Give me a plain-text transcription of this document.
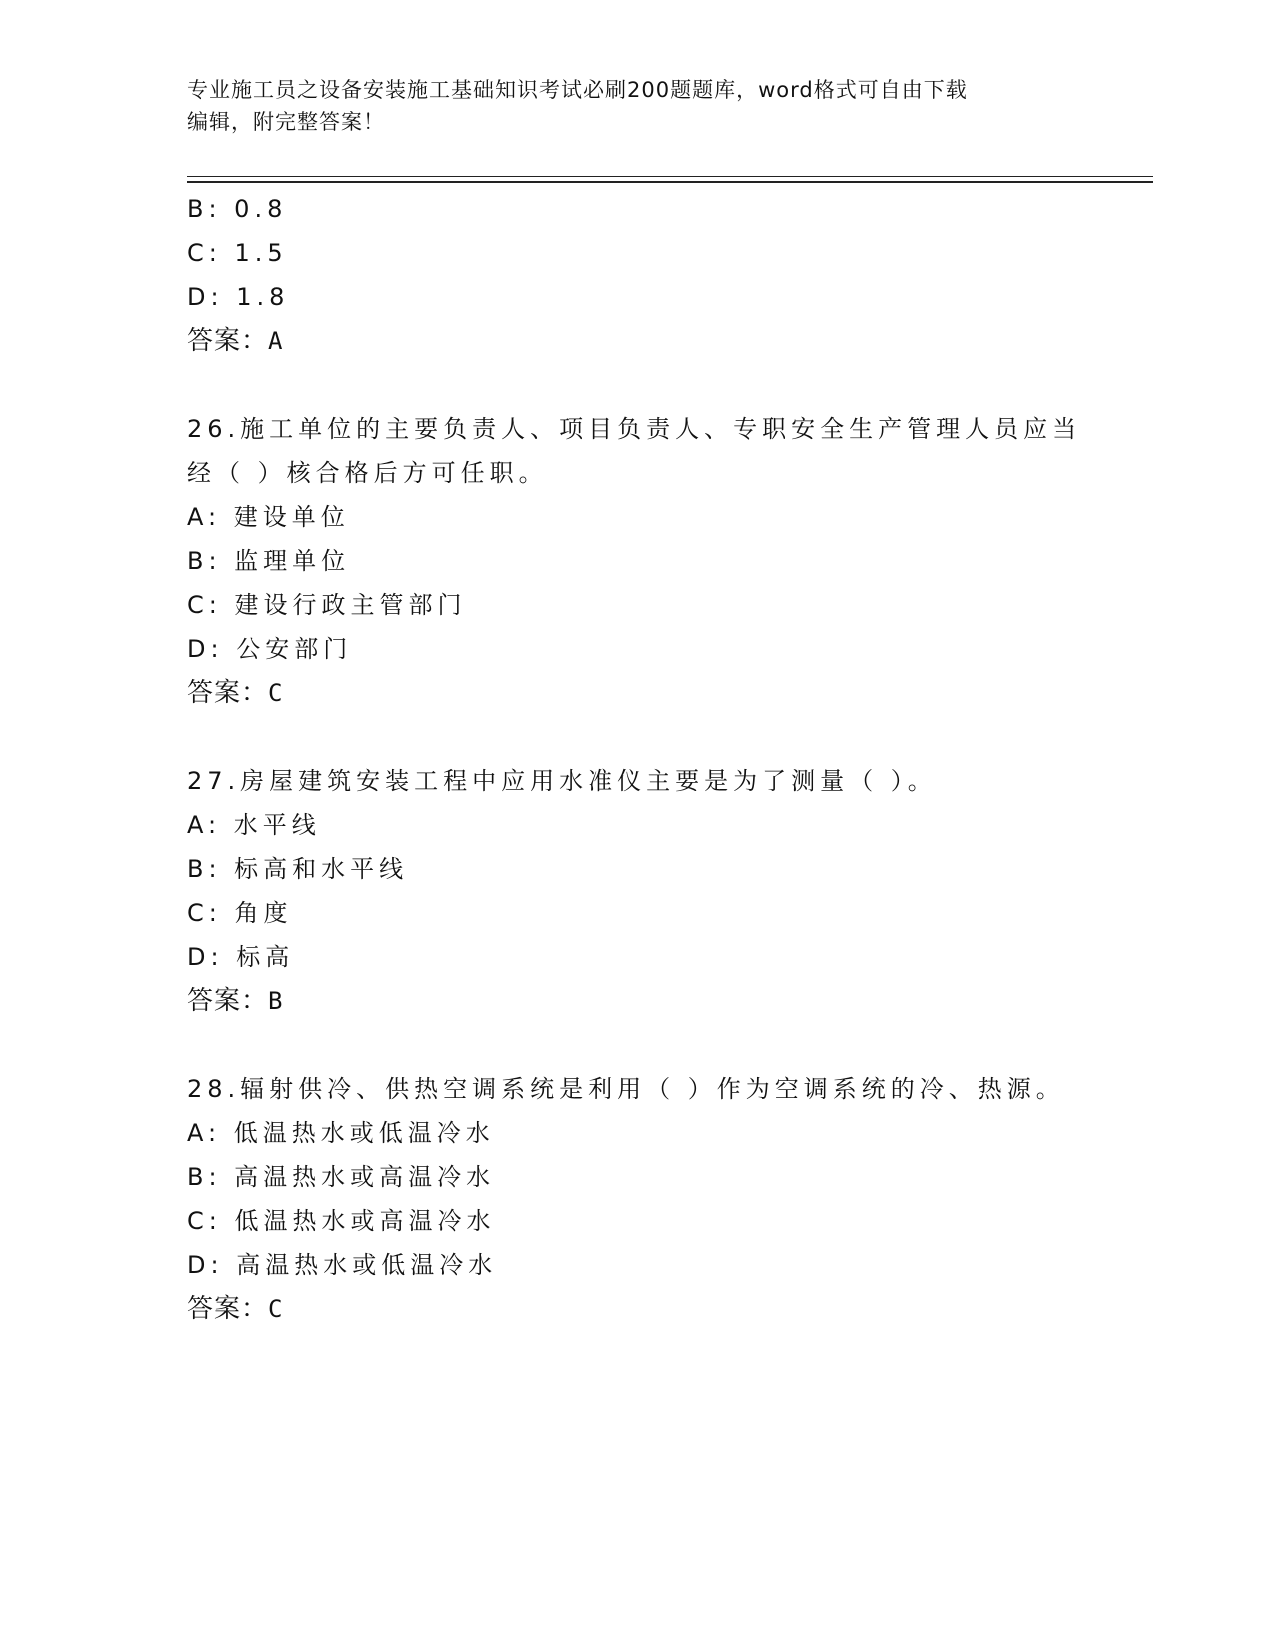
专业施工员之设备安装施工基础知识考试必刷200题题库，word格式可自由下载
编辑，附完整答案！
B: 0.8
C: 1.5
D: 1.8
答案：A
26.施工单位的主要负责人、项目负责人、专职安全生产管理人员应当
经（ ）核合格后方可任职。
A: 建设单位
B: 监理单位
C: 建设行政主管部门
D: 公安部门
答案：C
27.房屋建筑安装工程中应用水准仪主要是为了测量（ ）。
A: 水平线
B: 标高和水平线
C: 角度
D: 标高
答案：B
28.辐射供冷、供热空调系统是利用（ ）作为空调系统的冷、热源。
A: 低温热水或低温冷水
B: 高温热水或高温冷水
C: 低温热水或高温冷水
D: 高温热水或低温冷水
答案：C
